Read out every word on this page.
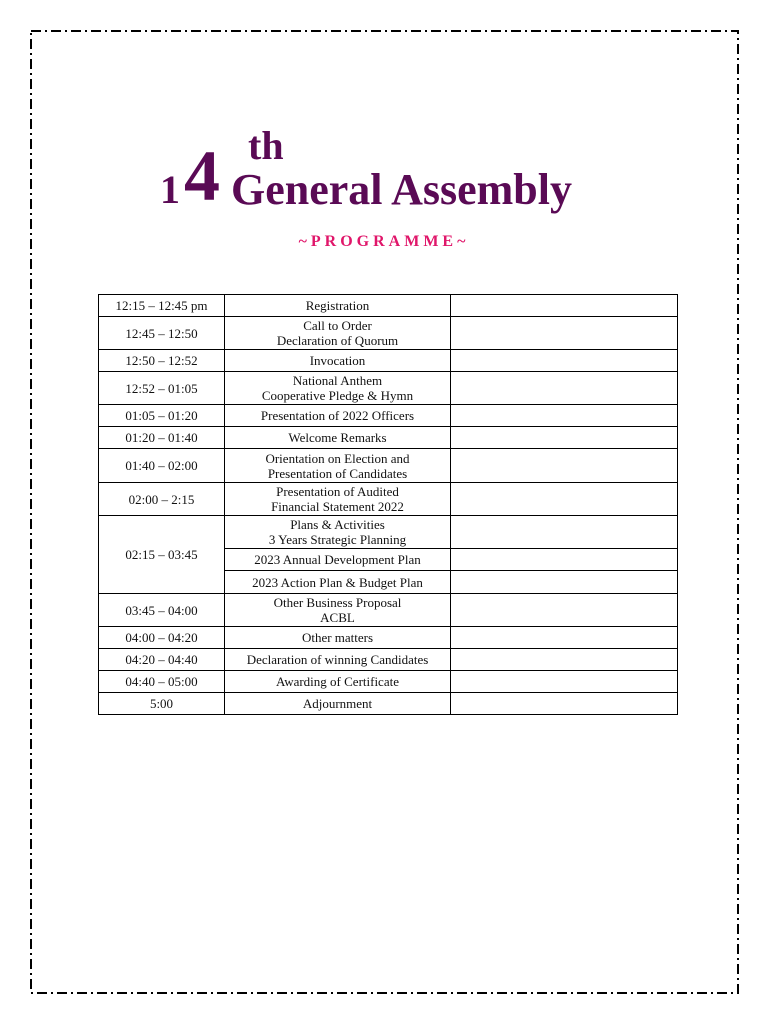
1 4 th
General Assembly
~PROGRAMME~
12:15 – 12:45 pm	Registration	

12:45 – 12:50	Call to Order
Declaration of Quorum	

12:50 – 12:52	Invocation	

12:52 – 01:05	National Anthem
Cooperative Pledge & Hymn	

01:05 – 01:20	Presentation of 2022 Officers	

01:20 – 01:40	Welcome Remarks	

01:40 – 02:00	Orientation on Election and
Presentation of Candidates	

02:00 – 2:15	Presentation of Audited
Financial Statement 2022	

02:15 – 03:45	Plans & Activities
3 Years Strategic Planning	

	2023 Annual Development Plan	

	2023 Action Plan & Budget Plan	

03:45 – 04:00	Other Business Proposal
ACBL	

04:00 – 04:20	Other matters	

04:20 – 04:40	Declaration of winning Candidates	

04:40 – 05:00	Awarding of Certificate	

5:00	Adjournment	
